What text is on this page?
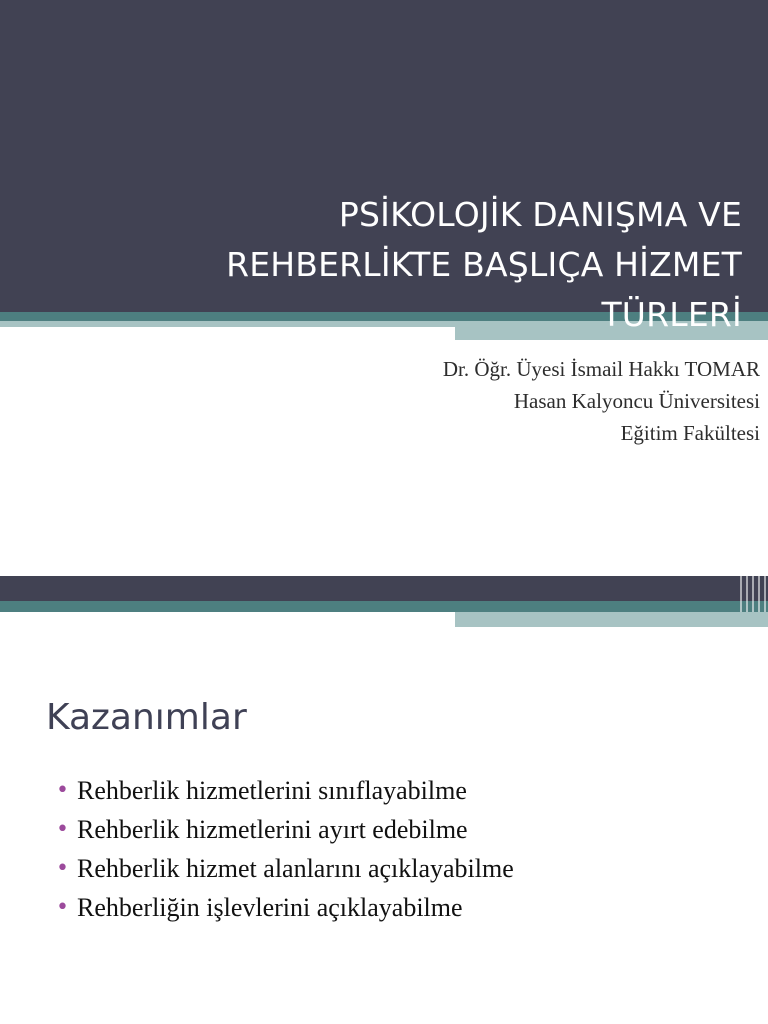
PSİKOLOJİK DANIŞMA VE
REHBERLİKTE BAŞLIÇA HİZMET
TÜRLERİ
Dr. Öğr. Üyesi İsmail Hakkı TOMAR
Hasan Kalyoncu Üniversitesi
Eğitim Fakültesi
Kazanımlar
• Rehberlik hizmetlerini sınıflayabilme
• Rehberlik hizmetlerini ayırt edebilme
• Rehberlik hizmet alanlarını açıklayabilme
• Rehberliğin işlevlerini açıklayabilme
